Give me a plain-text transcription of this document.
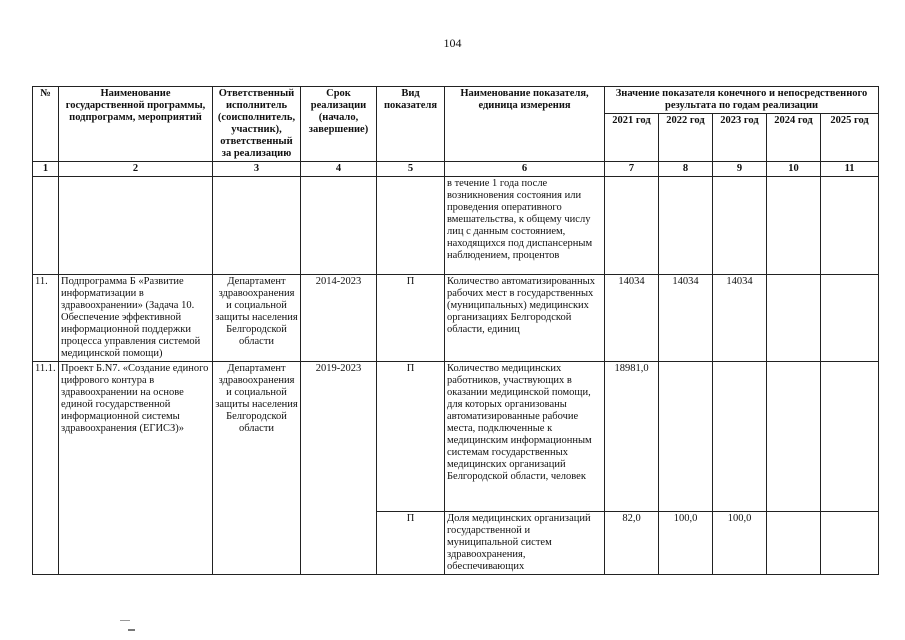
104
№	Наименование государственной программы, подпрограмм, мероприятий	Ответственный исполнитель (соисполнитель, участник), ответственный за реализацию	Срок реализации (начало, завершение)	Вид показателя	Наименование показателя, единица измерения	Значение показателя конечного и непосредственного результата по годам реализации				
						2021 год	2022 год	2023 год	2024 год	2025 год
1	2	3	4	5	6	7	8	9	10	11
					в течение 1 года после возникновения состояния или проведения оперативного вмешательства, к общему числу лиц с данным состоянием, находящихся под диспансерным наблюдением, процентов					
11.	Подпрограмма Б «Развитие информатизации в здравоохранении» (Задача 10. Обеспечение эффективной информационной поддержки процесса управления системой медицинской помощи)	Департамент здравоохранения и социальной защиты населения Белгородской области	2014-2023	П	Количество автоматизированных рабочих мест в государственных (муниципальных) медицинских организациях Белгородской области, единиц	14034	14034	14034		
11.1.	Проект Б.N7. «Создание единого цифрового контура в здравоохранении на основе единой государственной информационной системы здравоохранения (ЕГИСЗ)»	Департамент здравоохранения и социальной защиты населения Белгородской области	2019-2023	П	Количество медицинских работников, участвующих в оказании медицинской помощи, для которых организованы автоматизированные рабочие места, подключенные к медицинским информационным системам государственных медицинских организаций Белгородской области, человек	18981,0				
				П	Доля медицинских организаций государственной и муниципальной систем здравоохранения, обеспечивающих	82,0	100,0	100,0		
